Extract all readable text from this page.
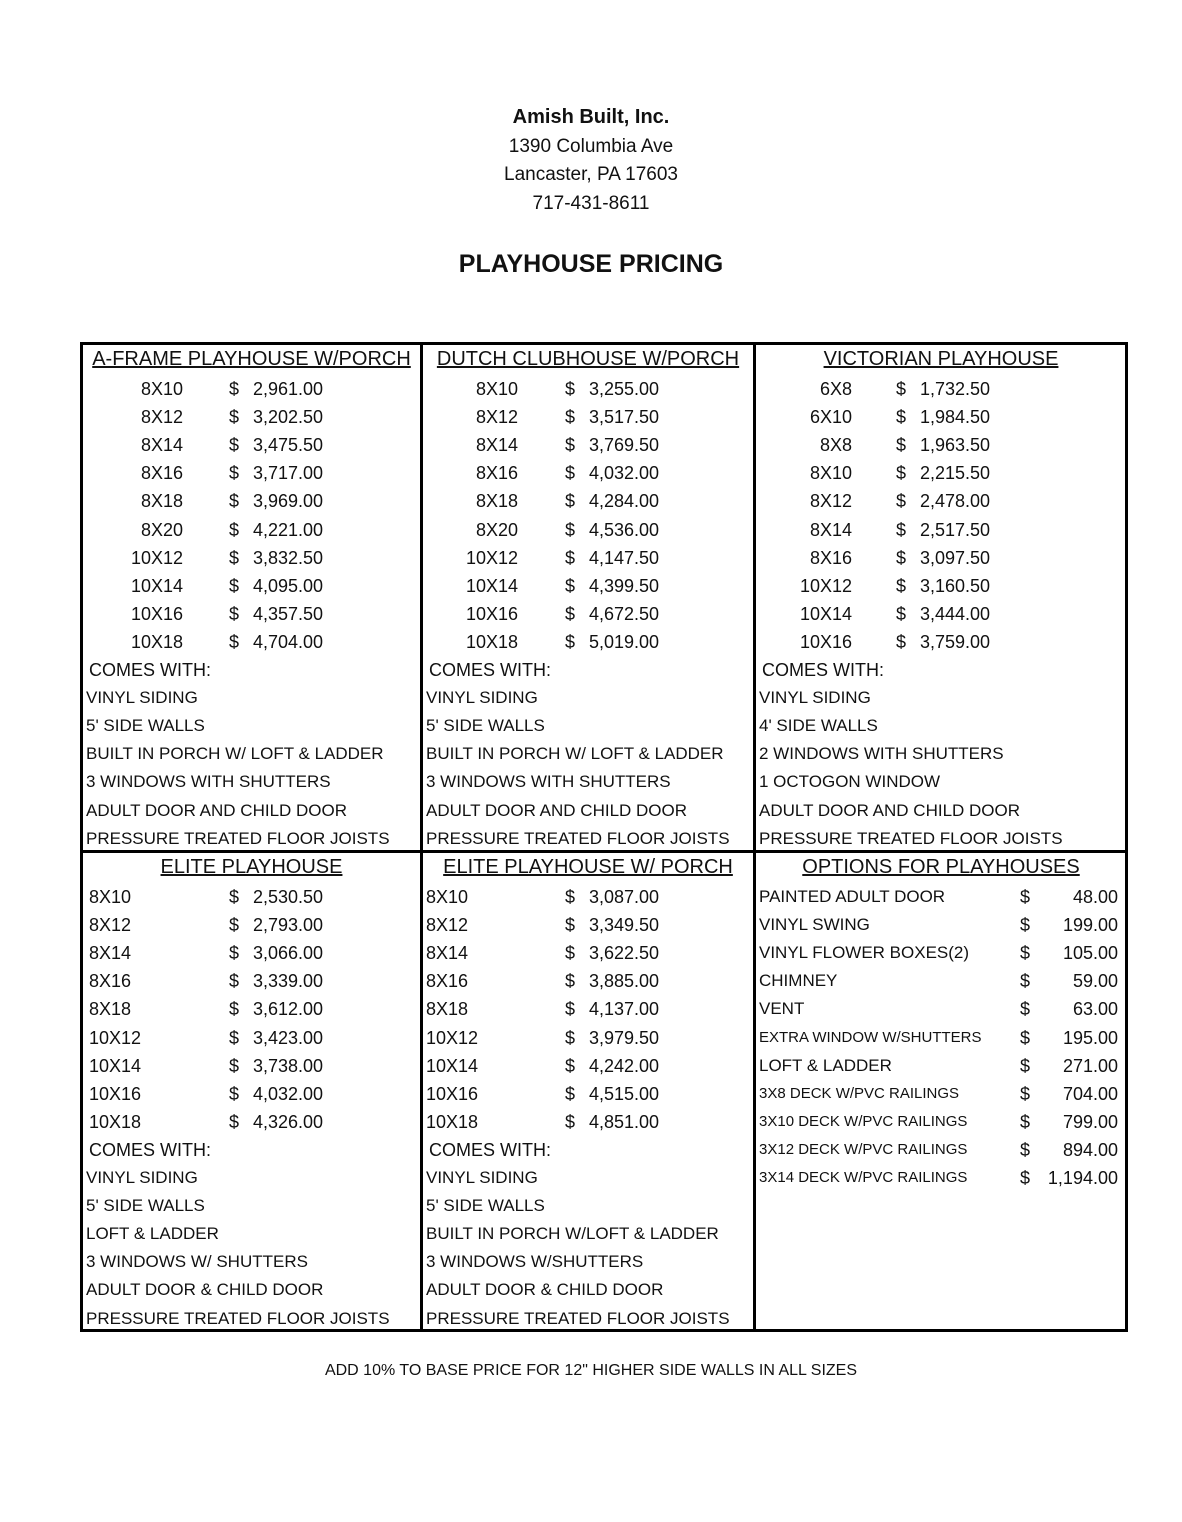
Amish Built, Inc.
1390 Columbia Ave
Lancaster, PA 17603
717-431-8611
PLAYHOUSE PRICING
A-FRAME PLAYHOUSE W/PORCH
8X10	$ 2,961.00
8X12	$ 3,202.50
8X14	$ 3,475.50
8X16	$ 3,717.00
8X18	$ 3,969.00
8X20	$ 4,221.00
10X12	$ 3,832.50
10X14	$ 4,095.00
10X16	$ 4,357.50
10X18	$ 4,704.00
COMES WITH:
VINYL SIDING
5' SIDE WALLS
BUILT IN PORCH W/ LOFT & LADDER
3 WINDOWS WITH SHUTTERS
ADULT DOOR AND CHILD DOOR
PRESSURE TREATED FLOOR JOISTS
DUTCH CLUBHOUSE W/PORCH
8X10	$ 3,255.00
8X12	$ 3,517.50
8X14	$ 3,769.50
8X16	$ 4,032.00
8X18	$ 4,284.00
8X20	$ 4,536.00
10X12	$ 4,147.50
10X14	$ 4,399.50
10X16	$ 4,672.50
10X18	$ 5,019.00
COMES WITH:
VINYL SIDING
5' SIDE WALLS
BUILT IN PORCH W/ LOFT & LADDER
3 WINDOWS WITH SHUTTERS
ADULT DOOR AND CHILD DOOR
PRESSURE TREATED FLOOR JOISTS
VICTORIAN PLAYHOUSE
6X8 $ 1,732.50
6X10 $ 1,984.50
8X8 $ 1,963.50
8X10 $ 2,215.50
8X12 $ 2,478.00
8X14 $ 2,517.50
8X16 $ 3,097.50
10X12 $ 3,160.50
10X14 $ 3,444.00
10X16 $ 3,759.00
COMES WITH:
VINYL SIDING
4' SIDE WALLS
2 WINDOWS WITH SHUTTERS
1 OCTOGON WINDOW
ADULT DOOR AND CHILD DOOR
PRESSURE TREATED FLOOR JOISTS
ELITE PLAYHOUSE
8X10	$ 2,530.50
8X12	$ 2,793.00
8X14	$ 3,066.00
8X16	$ 3,339.00
8X18	$ 3,612.00
10X12	$ 3,423.00
10X14	$ 3,738.00
10X16	$ 4,032.00
10X18	$ 4,326.00
COMES WITH:
VINYL SIDING
5' SIDE WALLS
LOFT & LADDER
3 WINDOWS W/ SHUTTERS
ADULT DOOR & CHILD DOOR
PRESSURE TREATED FLOOR JOISTS
ELITE PLAYHOUSE W/ PORCH
8X10	$ 3,087.00
8X12	$ 3,349.50
8X14	$ 3,622.50
8X16	$ 3,885.00
8X18	$ 4,137.00
10X12	$ 3,979.50
10X14	$ 4,242.00
10X16	$ 4,515.00
10X18	$ 4,851.00
COMES WITH:
VINYL SIDING
5' SIDE WALLS
BUILT IN PORCH W/LOFT & LADDER
3 WINDOWS W/SHUTTERS
ADULT DOOR & CHILD DOOR
PRESSURE TREATED FLOOR JOISTS
OPTIONS FOR PLAYHOUSES
PAINTED ADULT DOOR	$ 48.00
VINYL SWING	$ 199.00
VINYL FLOWER BOXES(2)	$ 105.00
CHIMNEY	$ 59.00
VENT	$ 63.00
EXTRA WINDOW W/SHUTTERS $ 195.00
LOFT & LADDER	$ 271.00
3X8 DECK W/PVC RAILINGS	$ 704.00
3X10 DECK W/PVC RAILINGS	$ 799.00
3X12 DECK W/PVC RAILINGS	$ 894.00
3X14 DECK W/PVC RAILINGS	$ 1,194.00
ADD 10% TO BASE PRICE FOR 12" HIGHER SIDE WALLS IN ALL SIZES
